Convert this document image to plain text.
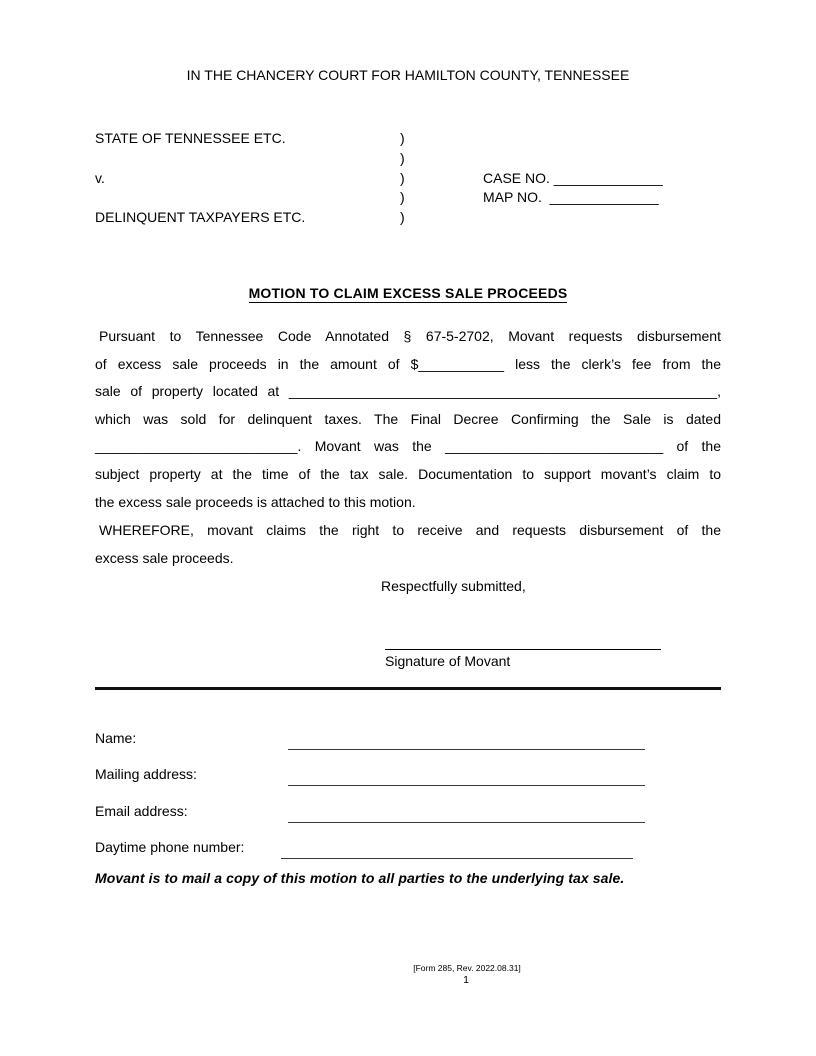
IN THE CHANCERY COURT FOR HAMILTON COUNTY, TENNESSEE
STATE OF TENNESSEE ETC.
v.
DELINQUENT TAXPAYERS ETC.
)
)
)
)
)
CASE NO. ______________
MAP NO.  ______________
MOTION TO CLAIM EXCESS SALE PROCEEDS
Pursuant to Tennessee Code Annotated § 67-5-2702, Movant requests disbursement
of excess sale proceeds in the amount of $___________ less the clerk’s fee from the
sale of property located at _______________________________________________________,
which was sold for delinquent taxes. The Final Decree Confirming the Sale is dated
__________________________. Movant was the ____________________________ of the
subject property at the time of the tax sale. Documentation to support movant’s claim to
the excess sale proceeds is attached to this motion.
WHEREFORE, movant claims the right to receive and requests disbursement of the
excess sale proceeds.
Respectfully submitted,
Signature of Movant
Name:
Mailing address:
Email address:
Daytime phone number:
Movant is to mail a copy of this motion to all parties to the underlying tax sale.
[Form 285, Rev. 2022.08.31]
1
